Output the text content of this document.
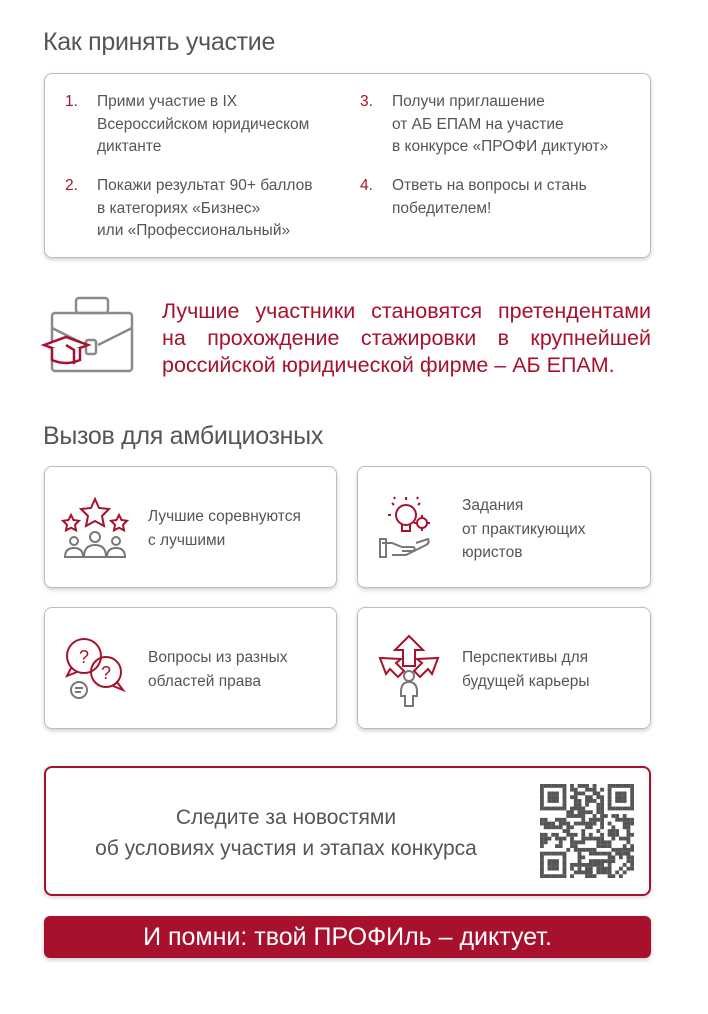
Как принять участие
1. Прими участие в IX
Всероссийском юридическом
диктанте
2. Покажи результат 90+ баллов
в категориях «Бизнес»
или «Профессиональный»
3. Получи приглашение
от АБ ЕПАМ на участие
в конкурсе «ПРОФИ диктуют»
4. Ответь на вопросы и стань
победителем!
Лучшие участники становятся претендентами на прохождение стажировки в крупнейшей российской юридической фирме – АБ ЕПАМ.
Вызов для амбициозных
Лучшие соревнуются
с лучшими
Задания
от практикующих
юристов
?
?
Вопросы из разных
областей права
Перспективы для
будущей карьеры
Следите за новостями
об условиях участия и этапах конкурса
И помни: твой ПРОФИль – диктует.
